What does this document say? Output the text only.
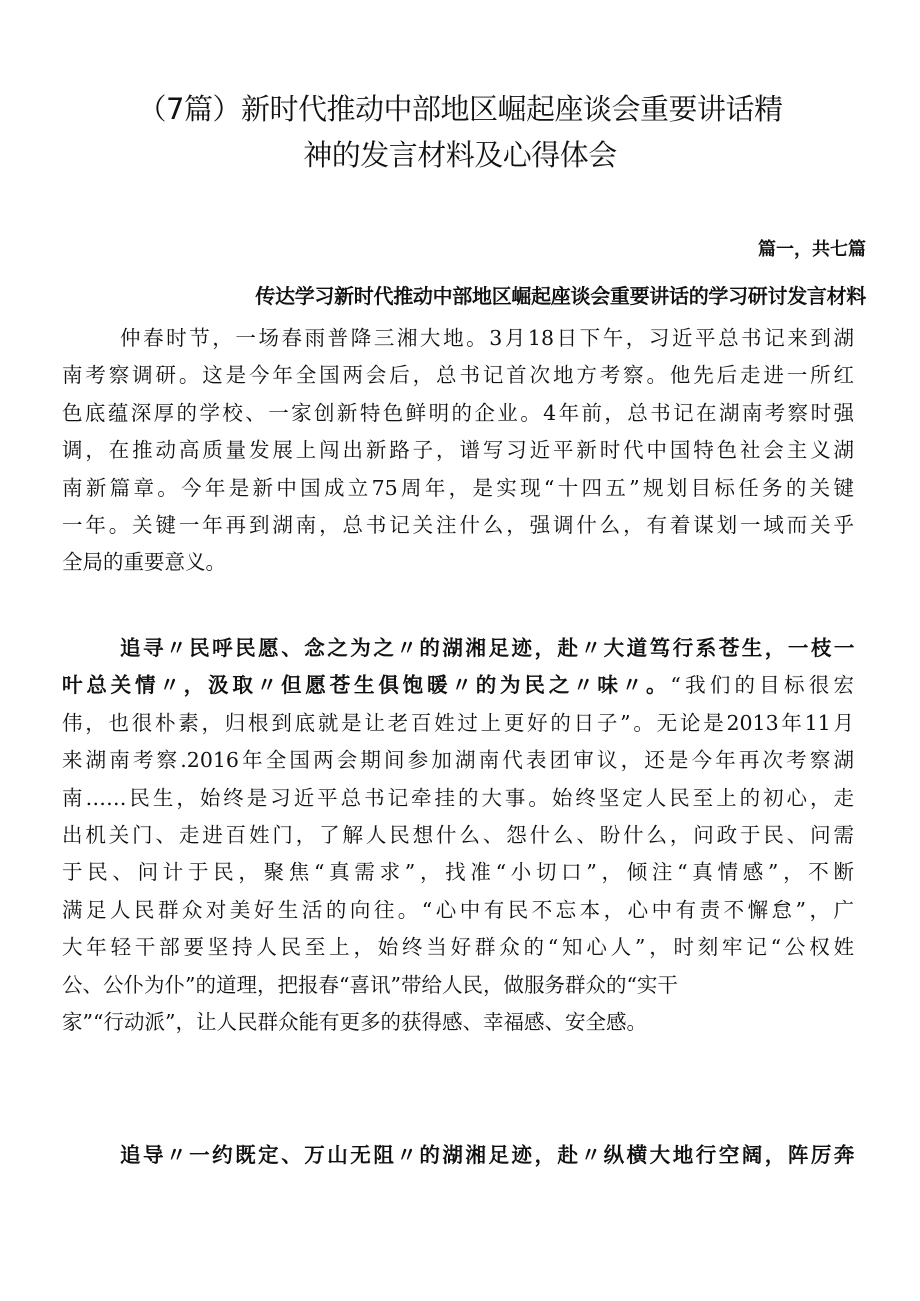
（7篇）新时代推动中部地区崛起座谈会重要讲话精
神的发言材料及心得体会
篇一，共七篇
传达学习新时代推动中部地区崛起座谈会重要讲话的学习研讨发言材料
仲春时节，一场春雨普降三湘大地。3月18日下午，习近平总书记来到湖
南考察调研。这是今年全国两会后，总书记首次地方考察。他先后走进一所红
色底蕴深厚的学校、一家创新特色鲜明的企业。4年前，总书记在湖南考察时强
调，在推动高质量发展上闯出新路子，谱写习近平新时代中国特色社会主义湖
南新篇章。今年是新中国成立75周年，是实现“十四五”规划目标任务的关键
一年。关键一年再到湖南，总书记关注什么，强调什么，有着谋划一域而关乎
全局的重要意义。
追寻〃民呼民愿、念之为之〃的湖湘足迹，赴〃大道笃行系苍生，一枝一
叶总关情〃，汲取〃但愿苍生俱饱暖〃的为民之〃味〃。“我们的目标很宏
伟，也很朴素，归根到底就是让老百姓过上更好的日子”。无论是2013年11月
来湖南考察.2016年全国两会期间参加湖南代表团审议，还是今年再次考察湖
南……民生，始终是习近平总书记牵挂的大事。始终坚定人民至上的初心，走
出机关门、走进百姓门，了解人民想什么、怨什么、盼什么，问政于民、问需
于民、问计于民，聚焦“真需求”，找准“小切口”，倾注“真情感”，不断
满足人民群众对美好生活的向往。“心中有民不忘本，心中有责不懈怠”，广
大年轻干部要坚持人民至上，始终当好群众的“知心人”，时刻牢记“公权姓
公、公仆为仆”的道理，把报春“喜讯”带给人民，做服务群众的“实干
家”“行动派”，让人民群众能有更多的获得感、幸福感、安全感。
追导〃一约既定、万山无阻〃的湖湘足迹，赴〃纵横大地行空阔，阵厉奔
